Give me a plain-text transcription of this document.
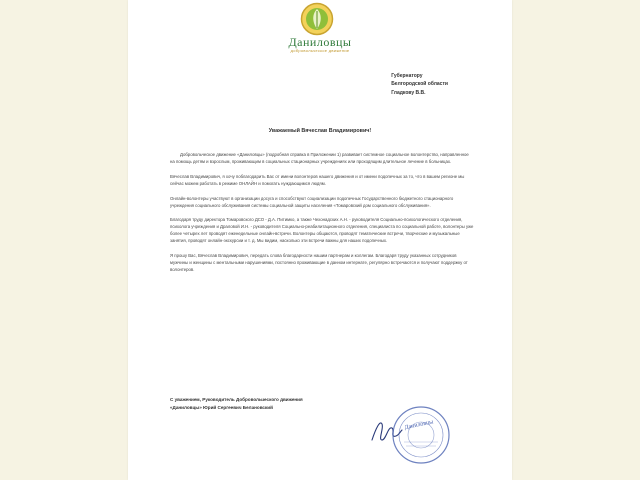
Даниловцы
добровольческое движение
Губернатору
Белгородской области
Гладкову В.В.
Уважаемый Вячеслав Владимирович!

Добровольческое движение «Даниловцы» (подробная справка в Приложении 1) развивает системное социальное волонтерство, направленное на помощь детям и взрослым, проживающим в социальных стационарных учреждениях или проходящим длительное лечение в больницах.

Вячеслав Владимирович, я хочу поблагодарить Вас от имени волонтеров нашего движения и от имени подопечных за то, что в вашем регионе мы сейчас можем работать в режиме ОНЛАЙН и помогать нуждающимся людям.

Онлайн-волонтеры участвуют в организации досуга и способствуют социализации подопечных Государственного бюджетного стационарного учреждения социального обслуживания системы социальной защиты населения «Томаровский дом социального обслуживания».

Благодаря труду директора Томаровского ДСО - Д.А. Питимко, а также Чехонадских А.Н. - руководителя Социально-психологического отделения, психолога учреждения и Драловой И.Н. - руководителя Социально-реабилитационного отделения, специалиста по социальной работе, волонтеры уже более четырех лет проводят еженедельные онлайн-встречи. Волонтеры общаются, проводят тематические встречи, творческие и музыкальные занятия, проводят онлайн-экскурсии и т. д. Мы видим, насколько эти встречи важны для наших подопечных.

Я прошу Вас, Вячеслав Владимирович, передать слова благодарности нашим партнерам и коллегам. Благодаря труду указанных сотрудников мужчины и женщины с ментальными нарушениями, постоянно проживающие в данном интернате, регулярно встречаются и получают поддержку от волонтеров.

С уважением, Руководитель Добровольческого движения
«Даниловцы» Юрий Сергеевич Белановский
Даниловцы
